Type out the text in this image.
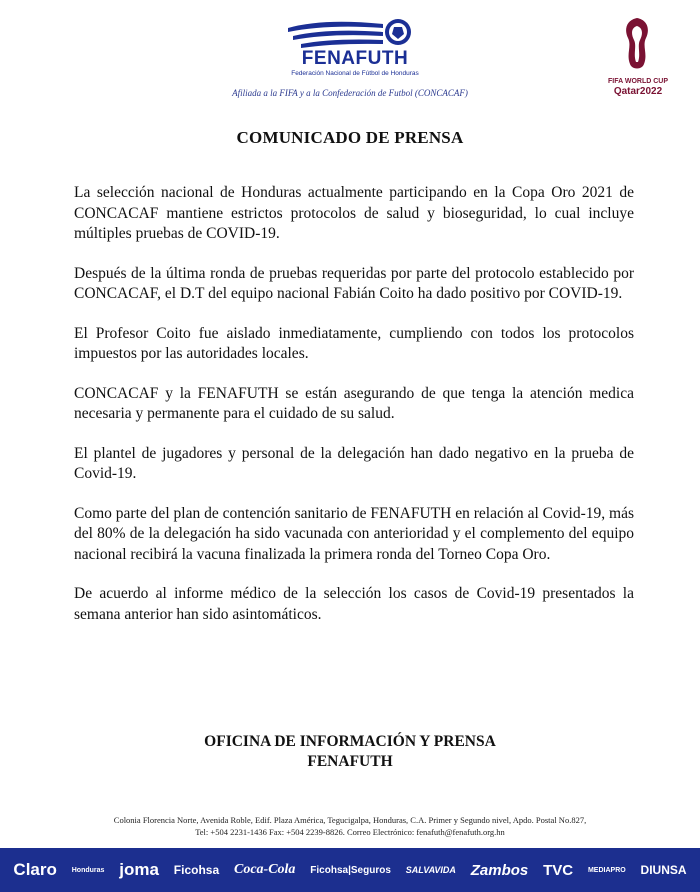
FENAFUTH
Federación Nacional de Fútbol de Honduras
Afiliada a la FIFA y a la Confederación de Futbol (CONCACAF)
FIFA WORLD CUP
Qatar2022
COMUNICADO DE PRENSA

La selección nacional de Honduras actualmente participando en la Copa Oro 2021 de CONCACAF mantiene estrictos protocolos de salud y bioseguridad, lo cual incluye múltiples pruebas de COVID-19.

Después de la última ronda de pruebas requeridas por parte del protocolo establecido por CONCACAF, el D.T del equipo nacional Fabián Coito ha dado positivo por COVID-19.

El Profesor Coito fue aislado inmediatamente, cumpliendo con todos los protocolos impuestos por las autoridades locales.

CONCACAF y la FENAFUTH se están asegurando de que tenga la atención medica necesaria y permanente para el cuidado de su salud.

El plantel de jugadores y personal de la delegación han dado negativo en la prueba de Covid-19.

Como parte del plan de contención sanitario de FENAFUTH en relación al Covid-19, más del 80% de la delegación ha sido vacunada con anterioridad y el complemento del equipo nacional recibirá la vacuna finalizada la primera ronda del Torneo Copa Oro.

De acuerdo al informe médico de la selección los casos de Covid-19 presentados la semana anterior han sido asintomáticos.

OFICINA DE INFORMACIÓN Y PRENSA
FENAFUTH
Colonia Florencia Norte, Avenida Roble, Edif. Plaza América, Tegucigalpa, Honduras, C.A. Primer y Segundo nivel, Apdo. Postal No.827,
Tel: +504 2231-1436 Fax: +504 2239-8826. Correo Electrónico: fenafuth@fenafuth.org.hn
Claro Honduras joma Ficohsa Coca-Cola Ficohsa|Seguros SALVAVIDA Zambos TVC MEDIAPRO DIUNSA
